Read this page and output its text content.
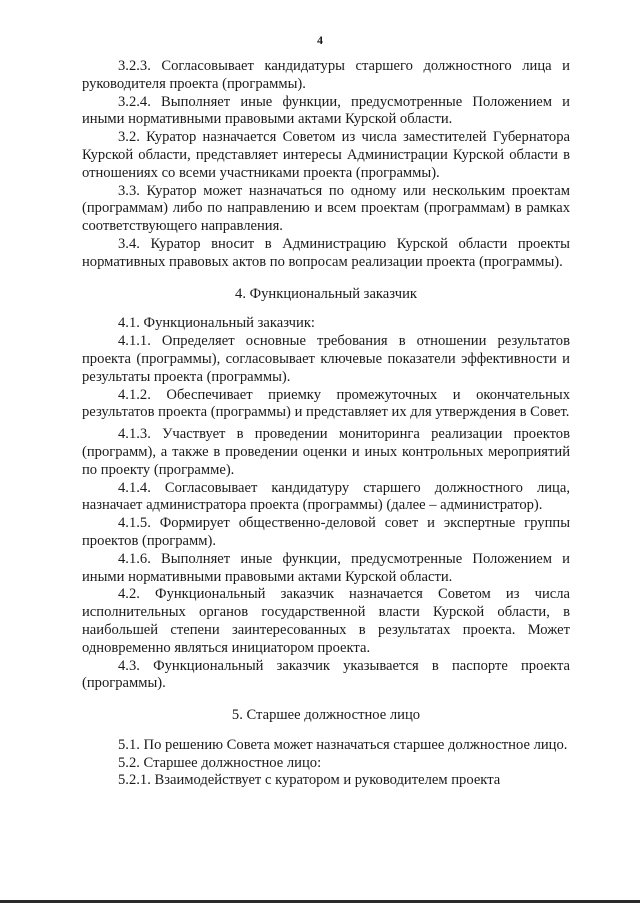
4

3.2.3. Согласовывает кандидатуры старшего должностного лица и руководителя проекта (программы).

3.2.4. Выполняет иные функции, предусмотренные Положением и иными нормативными правовыми актами Курской области.

3.2. Куратор назначается Советом из числа заместителей Губернатора Курской области, представляет интересы Администрации Курской области в отношениях со всеми участниками проекта (программы).

3.3. Куратор может назначаться по одному или нескольким проектам (программам) либо по направлению и всем проектам (программам) в рамках соответствующего направления.

3.4. Куратор вносит в Администрацию Курской области проекты нормативных правовых актов по вопросам реализации проекта (программы).

4. Функциональный заказчик

4.1. Функциональный заказчик:

4.1.1. Определяет основные требования в отношении результатов проекта (программы), согласовывает ключевые показатели эффективности и результаты проекта (программы).

4.1.2. Обеспечивает приемку промежуточных и окончательных результатов проекта (программы) и представляет их для утверждения в Совет.

4.1.3. Участвует в проведении мониторинга реализации проектов (программ), а также в проведении оценки и иных контрольных мероприятий по проекту (программе).

4.1.4. Согласовывает кандидатуру старшего должностного лица, назначает администратора проекта (программы) (далее – администратор).

4.1.5. Формирует общественно-деловой совет и экспертные группы проектов (программ).

4.1.6. Выполняет иные функции, предусмотренные Положением и иными нормативными правовыми актами Курской области.

4.2. Функциональный заказчик назначается Советом из числа исполнительных органов государственной власти Курской области, в наибольшей степени заинтересованных в результатах проекта. Может одновременно являться инициатором проекта.

4.3. Функциональный заказчик указывается в паспорте проекта (программы).

5. Старшее должностное лицо

5.1. По решению Совета может назначаться старшее должностное лицо.

5.2. Старшее должностное лицо:

5.2.1. Взаимодействует с куратором и руководителем проекта
